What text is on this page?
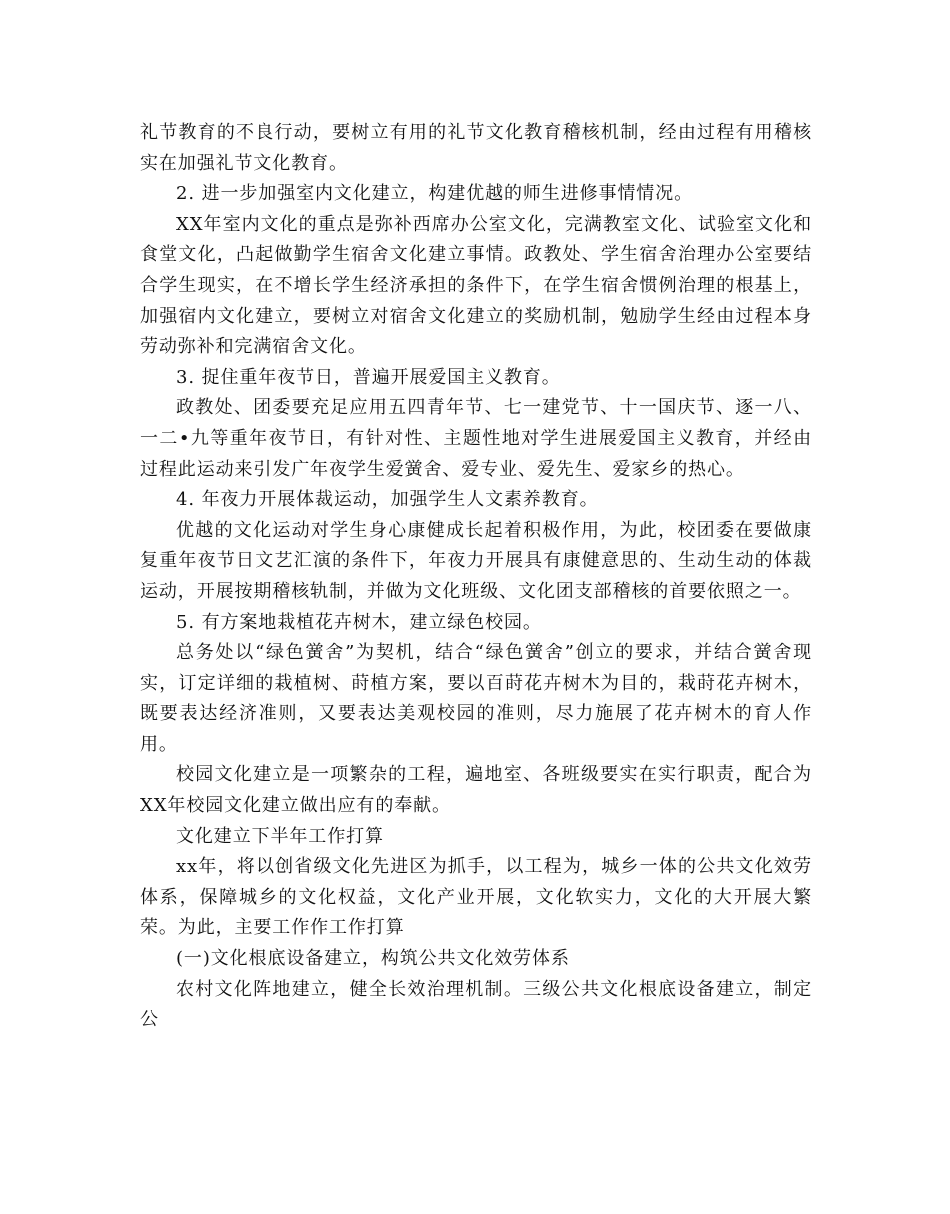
礼节教育的不良行动，要树立有用的礼节文化教育稽核机制，经由过程有用稽核实在加强礼节文化教育。

2. 进一步加强室内文化建立，构建优越的师生进修事情情况。

XX年室内文化的重点是弥补西席办公室文化，完满教室文化、试验室文化和食堂文化，凸起做勤学生宿舍文化建立事情。政教处、学生宿舍治理办公室要结合学生现实，在不增长学生经济承担的条件下，在学生宿舍惯例治理的根基上，加强宿内文化建立，要树立对宿舍文化建立的奖励机制，勉励学生经由过程本身劳动弥补和完满宿舍文化。

3. 捉住重年夜节日，普遍开展爱国主义教育。

政教处、团委要充足应用五四青年节、七一建党节、十一国庆节、逐一八、一二•九等重年夜节日，有针对性、主题性地对学生进展爱国主义教育，并经由过程此运动来引发广年夜学生爱黉舍、爱专业、爱先生、爱家乡的热心。

4. 年夜力开展体裁运动，加强学生人文素养教育。

优越的文化运动对学生身心康健成长起着积极作用，为此，校团委在要做康复重年夜节日文艺汇演的条件下，年夜力开展具有康健意思的、生动生动的体裁运动，开展按期稽核轨制，并做为文化班级、文化团支部稽核的首要依照之一。

5. 有方案地栽植花卉树木，建立绿色校园。

总务处以“绿色黉舍”为契机，结合“绿色黉舍”创立的要求，并结合黉舍现实，订定详细的栽植树、莳植方案，要以百莳花卉树木为目的，栽莳花卉树木，既要表达经济准则，又要表达美观校园的准则，尽力施展了花卉树木的育人作用。

校园文化建立是一项繁杂的工程，遍地室、各班级要实在实行职责，配合为XX年校园文化建立做出应有的奉献。

文化建立下半年工作打算

xx年，将以创省级文化先进区为抓手，以工程为，城乡一体的公共文化效劳体系，保障城乡的文化权益，文化产业开展，文化软实力，文化的大开展大繁荣。为此，主要工作作工作打算

(一)文化根底设备建立，构筑公共文化效劳体系

农村文化阵地建立，健全长效治理机制。三级公共文化根底设备建立，制定公
